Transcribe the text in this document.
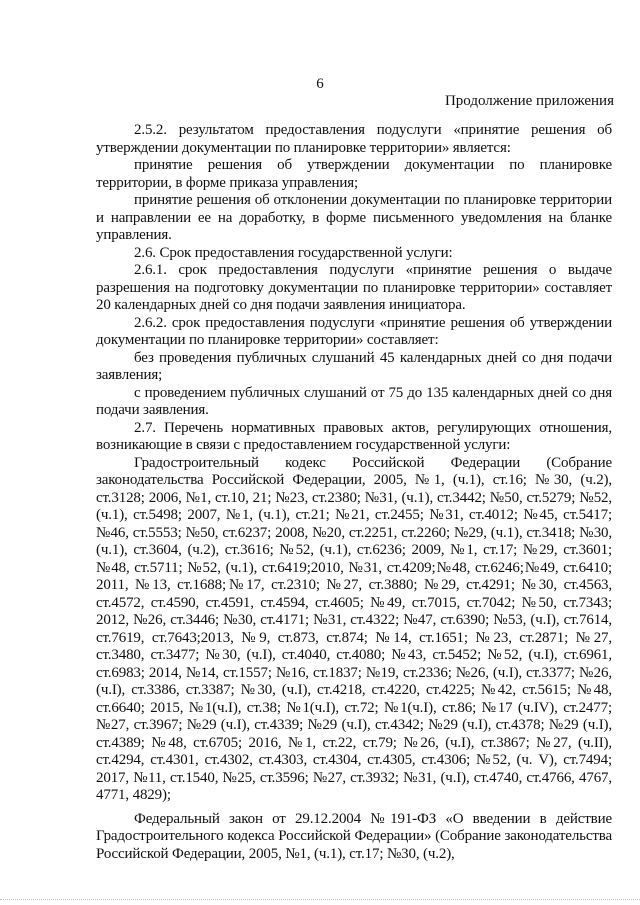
6
Продолжение приложения

2.5.2. результатом предоставления подуслуги «принятие решения об утверждении документации по планировке территории» является:

принятие решения об утверждении документации по планировке территории, в форме приказа управления;

принятие решения об отклонении документации по планировке территории и направлении ее на доработку, в форме письменного уведомления на бланке управления.

2.6. Срок предоставления государственной услуги:

2.6.1. срок предоставления подуслуги «принятие решения о выдаче разрешения на подготовку документации по планировке территории» составляет 20 календарных дней со дня подачи заявления инициатора.

2.6.2. срок предоставления подуслуги «принятие решения об утверждении документации по планировке территории» составляет:

без проведения публичных слушаний 45 календарных дней со дня подачи заявления;

с проведением публичных слушаний от 75 до 135 календарных дней со дня подачи заявления.

2.7. Перечень нормативных правовых актов, регулирующих отношения, возникающие в связи с предоставлением государственной услуги:

Градостроительный кодекс Российской Федерации (Собрание законодательства Российской Федерации, 2005, №1, (ч.1), ст.16; №30, (ч.2), ст.3128; 2006, №1, ст.10, 21; №23, ст.2380; №31, (ч.1), ст.3442; №50, ст.5279; №52, (ч.1), ст.5498; 2007, №1, (ч.1), ст.21; №21, ст.2455; №31, ст.4012; №45, ст.5417; №46, ст.5553; №50, ст.6237; 2008, №20, ст.2251, ст.2260; №29, (ч.1), ст.3418; №30, (ч.1), ст.3604, (ч.2), ст.3616; №52, (ч.1), ст.6236; 2009, №1, ст.17; №29, ст.3601; №48, ст.5711; №52, (ч.1), ст.6419;2010, №31, ст.4209;№48, ст.6246;№49, ст.6410; 2011, №13, ст.1688;№17, ст.2310; №27, ст.3880; №29, ст.4291; №30, ст.4563, ст.4572, ст.4590, ст.4591, ст.4594, ст.4605; №49, ст.7015, ст.7042; №50, ст.7343; 2012, №26, ст.3446; №30, ст.4171; №31, ст.4322; №47, ст.6390; №53, (ч.I), ст.7614, ст.7619, ст.7643;2013, №9, ст.873, ст.874; №14, ст.1651; №23, ст.2871; №27, ст.3480, ст.3477; №30, (ч.I), ст.4040, ст.4080; №43, ст.5452; №52, (ч.I), ст.6961, ст.6983; 2014, №14, ст.1557; №16, ст.1837; №19, ст.2336; №26, (ч.I), ст.3377; №26, (ч.I), ст.3386, ст.3387; №30, (ч.I), ст.4218, ст.4220, ст.4225; №42, ст.5615; №48, ст.6640; 2015, №1(ч.I), ст.38; №1(ч.I), ст.72; №1(ч.I), ст.86; №17 (ч.IV), ст.2477; №27, ст.3967; №29 (ч.I), ст.4339; №29 (ч.I), ст.4342; №29 (ч.I), ст.4378; №29 (ч.I), ст.4389; №48, ст.6705; 2016, №1, ст.22, ст.79; №26, (ч.I), ст.3867; №27, (ч.II), ст.4294, ст.4301, ст.4302, ст.4303, ст.4304, ст.4305, ст.4306; №52, (ч. V), ст.7494; 2017, №11, ст.1540, №25, ст.3596; №27, ст.3932; №31, (ч.I), ст.4740, ст.4766, 4767, 4771, 4829);

Федеральный закон от 29.12.2004 №191-ФЗ «О введении в действие Градостроительного кодекса Российской Федерации» (Собрание законодательства Российской Федерации, 2005, №1, (ч.1), ст.17; №30, (ч.2),
